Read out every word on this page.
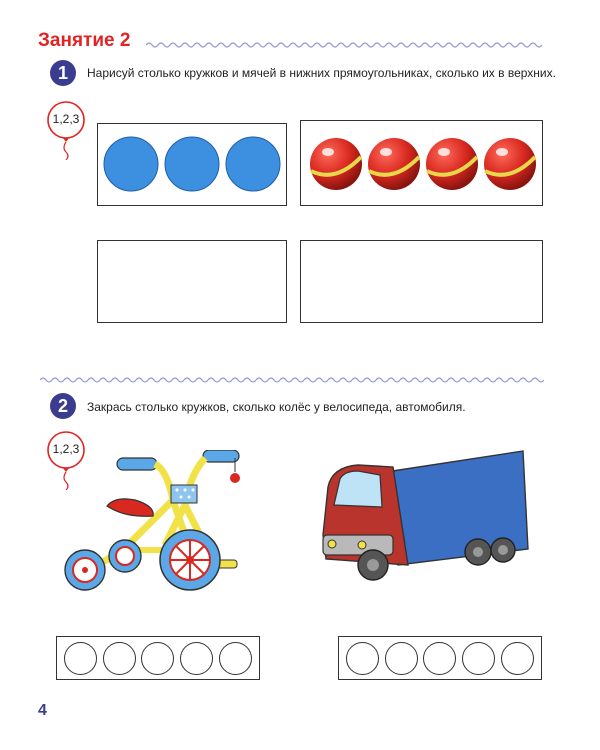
Занятие 2
1	Нарисуй столько кружков и мячей в нижних прямоугольниках, сколько их в верхних.
1,2,3
2	Закрась столько кружков, сколько колёс у велосипеда, автомобиля.
1,2,3
4
